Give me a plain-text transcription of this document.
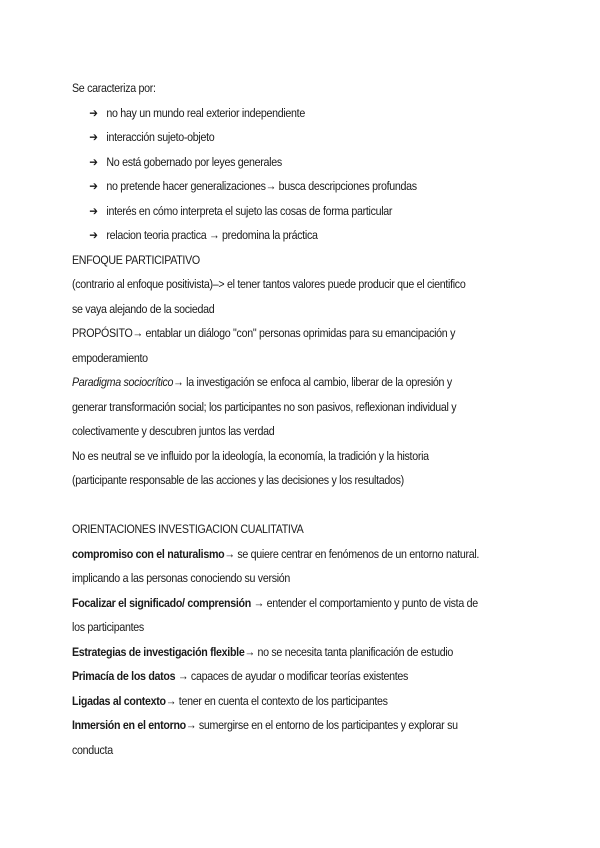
Se caracteriza por:
➔ no hay un mundo real exterior independiente
➔ interacción sujeto-objeto
➔ No está gobernado por leyes generales
➔ no pretende hacer generalizaciones→ busca descripciones profundas
➔ interés en cómo interpreta el sujeto las cosas de forma particular
➔ relacion teoria practica → predomina la práctica
ENFOQUE PARTICIPATIVO
(contrario al enfoque positivista)–> el tener tantos valores puede producir que el cientifico
se vaya alejando de la sociedad
PROPÓSITO→ entablar un diálogo "con" personas oprimidas para su emancipación y
empoderamiento
Paradigma sociocrítico→ la investigación se enfoca al cambio, liberar de la opresión y
generar transformación social; los participantes no son pasivos, reflexionan individual y
colectivamente y descubren juntos las verdad
No es neutral se ve influido por la ideología, la economía, la tradición y la historia
(participante responsable de las acciones y las decisiones y los resultados)
ORIENTACIONES INVESTIGACION CUALITATIVA
compromiso con el naturalismo→ se quiere centrar en fenómenos de un entorno natural.
implicando a las personas conociendo su versión
Focalizar el significado/ comprensión → entender el comportamiento y punto de vista de
los participantes
Estrategias de investigación flexible→ no se necesita tanta planificación de estudio
Primacía de los datos → capaces de ayudar o modificar teorías existentes
Ligadas al contexto→ tener en cuenta el contexto de los participantes
Inmersión en el entorno→ sumergirse en el entorno de los participantes y explorar su
conducta
